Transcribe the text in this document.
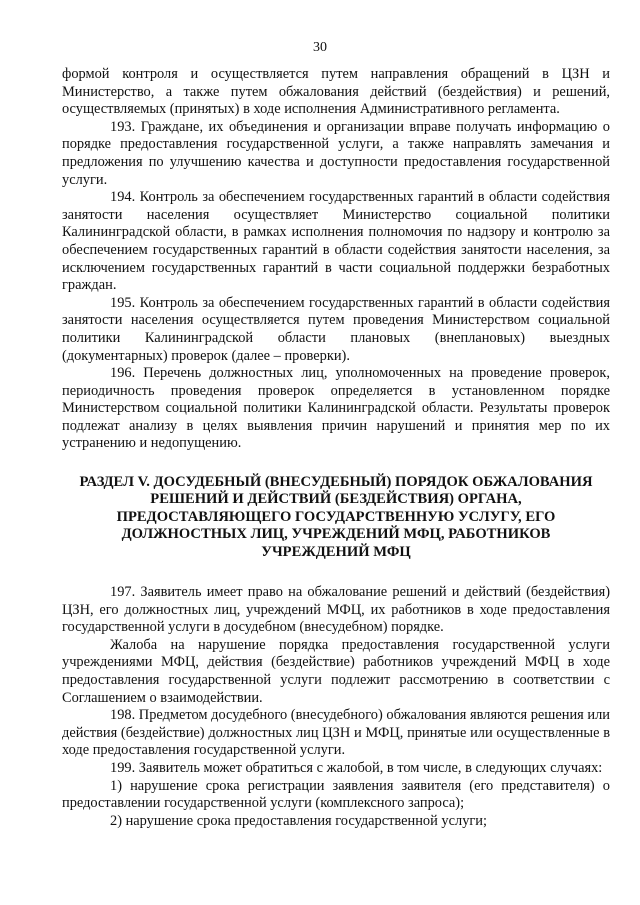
30

формой контроля и осуществляется путем направления обращений в ЦЗН и Министерство, а также путем обжалования действий (бездействия) и решений, осуществляемых (принятых) в ходе исполнения Административного регламента.

193. Граждане, их объединения и организации вправе получать информацию о порядке предоставления государственной услуги, а также направлять замечания и предложения по улучшению качества и доступности предоставления государственной услуги.

194. Контроль за обеспечением государственных гарантий в области содействия занятости населения осуществляет Министерство социальной политики Калининградской области, в рамках исполнения полномочия по надзору и контролю за обеспечением государственных гарантий в области содействия занятости населения, за исключением государственных гарантий в части социальной поддержки безработных граждан.

195. Контроль за обеспечением государственных гарантий в области содействия занятости населения осуществляется путем проведения Министерством социальной политики Калининградской области плановых (внеплановых) выездных (документарных) проверок (далее – проверки).

196. Перечень должностных лиц, уполномоченных на проведение проверок, периодичность проведения проверок определяется в установленном порядке Министерством социальной политики Калининградской области. Результаты проверок подлежат анализу в целях выявления причин нарушений и принятия мер по их устранению и недопущению.

РАЗДЕЛ V. ДОСУДЕБНЫЙ (ВНЕСУДЕБНЫЙ) ПОРЯДОК ОБЖАЛОВАНИЯ
РЕШЕНИЙ И ДЕЙСТВИЙ (БЕЗДЕЙСТВИЯ) ОРГАНА,
ПРЕДОСТАВЛЯЮЩЕГО ГОСУДАРСТВЕННУЮ УСЛУГУ, ЕГО
ДОЛЖНОСТНЫХ ЛИЦ, УЧРЕЖДЕНИЙ МФЦ, РАБОТНИКОВ
УЧРЕЖДЕНИЙ МФЦ

197. Заявитель имеет право на обжалование решений и действий (бездействия) ЦЗН, его должностных лиц, учреждений МФЦ, их работников в ходе предоставления государственной услуги в досудебном (внесудебном) порядке.

Жалоба на нарушение порядка предоставления государственной услуги учреждениями МФЦ, действия (бездействие) работников учреждений МФЦ в ходе предоставления государственной услуги подлежит рассмотрению в соответствии с Соглашением о взаимодействии.

198. Предметом досудебного (внесудебного) обжалования являются решения или действия (бездействие) должностных лиц ЦЗН и МФЦ, принятые или осуществленные в ходе предоставления государственной услуги.

199. Заявитель может обратиться с жалобой, в том числе, в следующих случаях:

1) нарушение срока регистрации заявления заявителя (его представителя) о предоставлении государственной услуги (комплексного запроса);

2) нарушение срока предоставления государственной услуги;
